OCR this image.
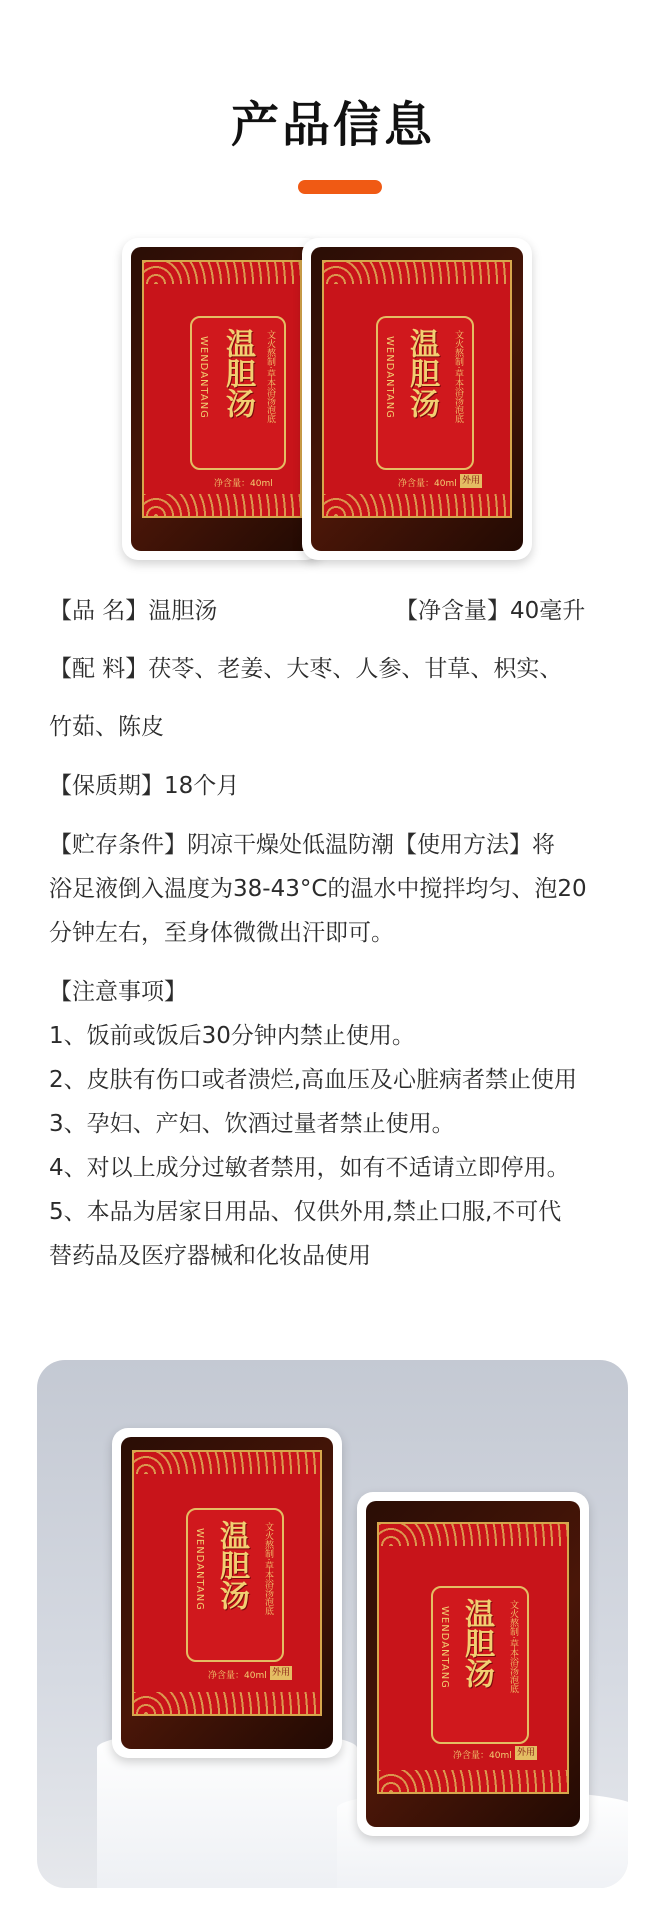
产品信息
温胆汤
WENDANTANG	文火熬制·草本浴汤泡底
净含量：40ml
温胆汤
WENDANTANG	文火熬制·草本浴汤泡底
净含量：40ml 外用
【品 名】温胆汤	【净含量】40毫升
【配 料】茯苓、老姜、大枣、人参、甘草、枳实、
竹茹、陈皮
【保质期】18个月
【贮存条件】阴凉干燥处低温防潮【使用方法】将
浴足液倒入温度为38-43°C的温水中搅拌均匀、泡20
分钟左右，至身体微微出汗即可。
【注意事项】
1、饭前或饭后30分钟内禁止使用。
2、皮肤有伤口或者溃烂,高血压及心脏病者禁止使用
3、孕妇、产妇、饮酒过量者禁止使用。
4、对以上成分过敏者禁用，如有不适请立即停用。
5、本品为居家日用品、仅供外用,禁止口服,不可代
替药品及医疗器械和化妆品使用
温胆汤
WENDANTANG	文火熬制·草本浴汤泡底
净含量：40ml 外用	温胆汤
WENDANTANG	文火熬制·草本浴汤泡底
净含量：40ml 外用
